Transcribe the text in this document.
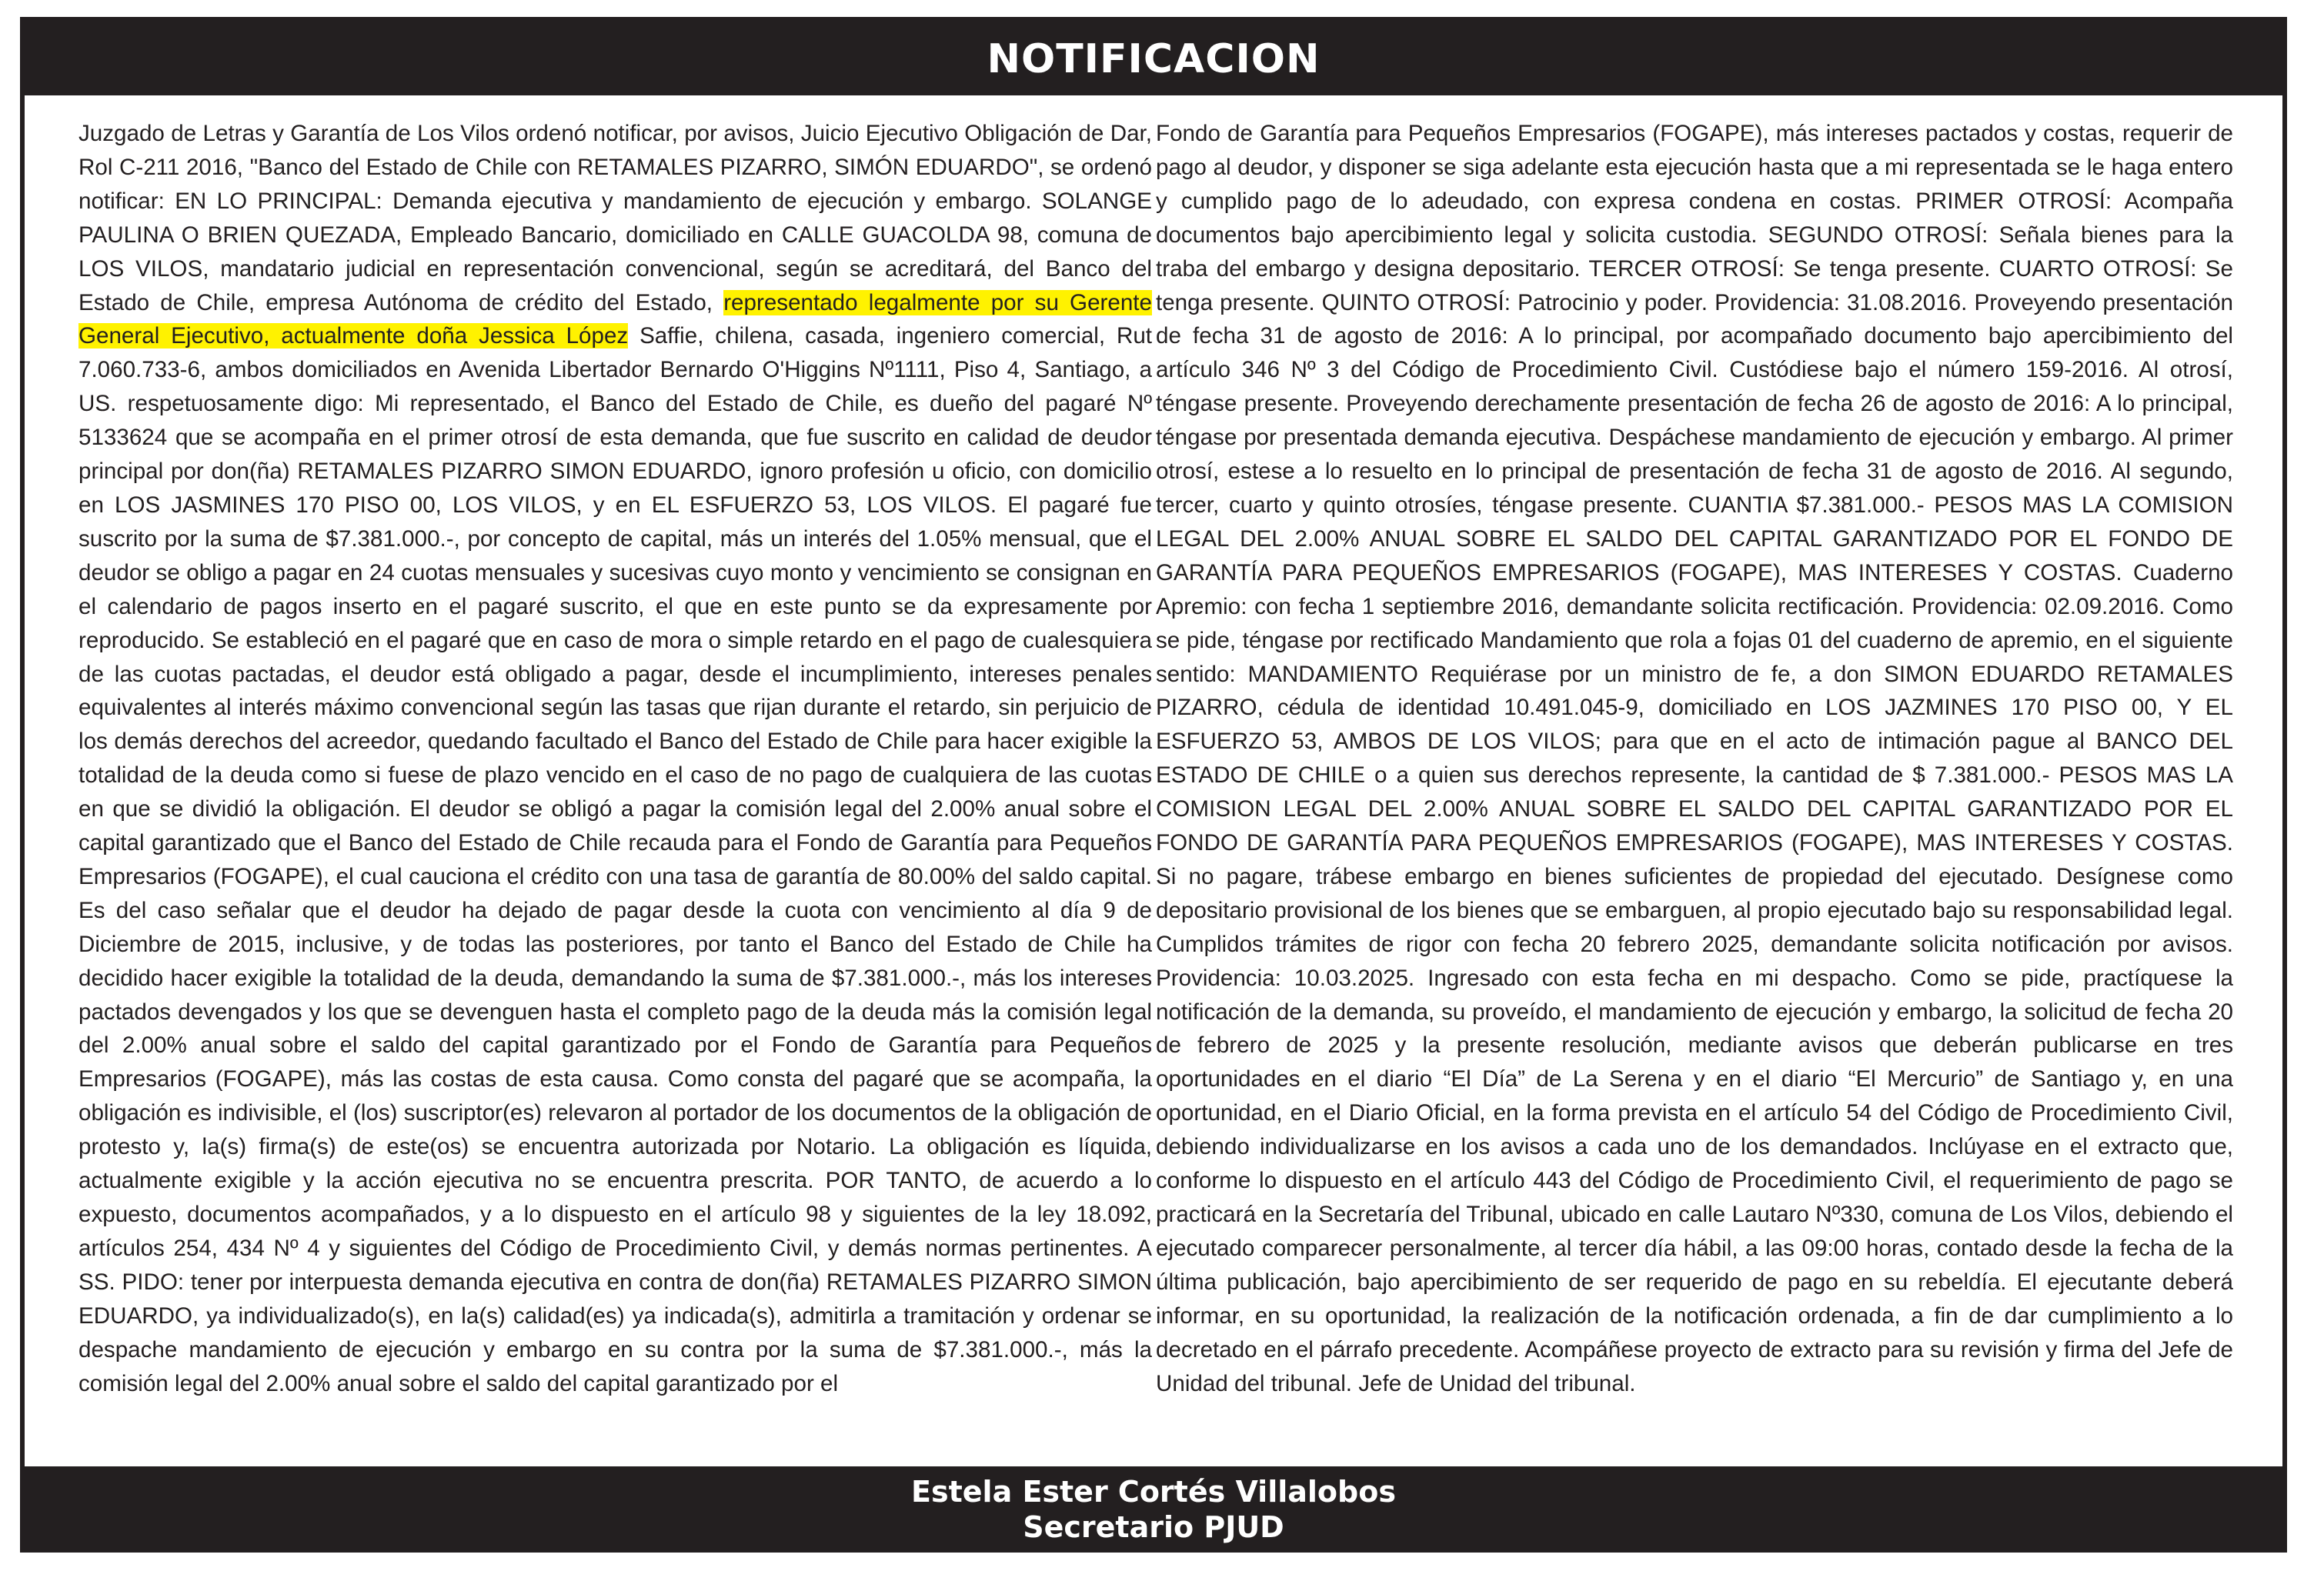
NOTIFICACION
Juzgado de Letras y Garantía de Los Vilos ordenó notificar, por avisos, Juicio Ejecutivo Obligación de Dar, Rol C-211 2016, "Banco del Estado de Chile con RETAMALES PIZARRO, SIMÓN EDUARDO", se ordenó notificar: EN LO PRINCIPAL: Demanda ejecutiva y mandamiento de ejecución y embargo. SOLANGE PAULINA O BRIEN QUEZADA, Empleado Bancario, domiciliado en CALLE GUACOLDA 98, comuna de LOS VILOS, mandatario judicial en representación convencional, según se acreditará, del Banco del Estado de Chile, empresa Autónoma de crédito del Estado, representado legalmente por su Gerente General Ejecutivo, actualmente doña Jessica López Saffie, chilena, casada, ingeniero comercial, Rut 7.060.733-6, ambos domiciliados en Avenida Libertador Bernardo O'Higgins Nº1111, Piso 4, Santiago, a US. respetuosamente digo: Mi representado, el Banco del Estado de Chile, es dueño del pagaré Nº 5133624 que se acompaña en el primer otrosí de esta demanda, que fue suscrito en calidad de deudor principal por don(ña) RETAMALES PIZARRO SIMON EDUARDO, ignoro profesión u oficio, con domicilio en LOS JASMINES 170 PISO 00, LOS VILOS, y en EL ESFUERZO 53, LOS VILOS. El pagaré fue suscrito por la suma de $7.381.000.-, por concepto de capital, más un interés del 1.05% mensual, que el deudor se obligo a pagar en 24 cuotas mensuales y sucesivas cuyo monto y vencimiento se consignan en el calendario de pagos inserto en el pagaré suscrito, el que en este punto se da expresamente por reproducido. Se estableció en el pagaré que en caso de mora o simple retardo en el pago de cualesquiera de las cuotas pactadas, el deudor está obligado a pagar, desde el incumplimiento, intereses penales equivalentes al interés máximo convencional según las tasas que rijan durante el retardo, sin perjuicio de los demás derechos del acreedor, quedando facultado el Banco del Estado de Chile para hacer exigible la totalidad de la deuda como si fuese de plazo vencido en el caso de no pago de cualquiera de las cuotas en que se dividió la obligación. El deudor se obligó a pagar la comisión legal del 2.00% anual sobre el capital garantizado que el Banco del Estado de Chile recauda para el Fondo de Garantía para Pequeños Empresarios (FOGAPE), el cual cauciona el crédito con una tasa de garantía de 80.00% del saldo capital. Es del caso señalar que el deudor ha dejado de pagar desde la cuota con vencimiento al día 9 de Diciembre de 2015, inclusive, y de todas las posteriores, por tanto el Banco del Estado de Chile ha decidido hacer exigible la totalidad de la deuda, demandando la suma de $7.381.000.-, más los intereses pactados devengados y los que se devenguen hasta el completo pago de la deuda más la comisión legal del 2.00% anual sobre el saldo del capital garantizado por el Fondo de Garantía para Pequeños Empresarios (FOGAPE), más las costas de esta causa. Como consta del pagaré que se acompaña, la obligación es indivisible, el (los) suscriptor(es) relevaron al portador de los documentos de la obligación de protesto y, la(s) firma(s) de este(os) se encuentra autorizada por Notario. La obligación es líquida, actualmente exigible y la acción ejecutiva no se encuentra prescrita. POR TANTO, de acuerdo a lo expuesto, documentos acompañados, y a lo dispuesto en el artículo 98 y siguientes de la ley 18.092, artículos 254, 434 Nº 4 y siguientes del Código de Procedimiento Civil, y demás normas pertinentes. A SS. PIDO: tener por interpuesta demanda ejecutiva en contra de don(ña) RETAMALES PIZARRO SIMON EDUARDO, ya individualizado(s), en la(s) calidad(es) ya indicada(s), admitirla a tramitación y ordenar se despache mandamiento de ejecución y embargo en su contra por la suma de $7.381.000.-, más la comisión legal del 2.00% anual sobre el saldo del capital garantizado por el
Fondo de Garantía para Pequeños Empresarios (FOGAPE), más intereses pactados y costas, requerir de pago al deudor, y disponer se siga adelante esta ejecución hasta que a mi representada se le haga entero y cumplido pago de lo adeudado, con expresa condena en costas. PRIMER OTROSÍ: Acompaña documentos bajo apercibimiento legal y solicita custodia. SEGUNDO OTROSÍ: Señala bienes para la traba del embargo y designa depositario. TERCER OTROSÍ: Se tenga presente. CUARTO OTROSÍ: Se tenga presente. QUINTO OTROSÍ: Patrocinio y poder. Providencia: 31.08.2016. Proveyendo presentación de fecha 31 de agosto de 2016: A lo principal, por acompañado documento bajo apercibimiento del artículo 346 Nº 3 del Código de Procedimiento Civil. Custódiese bajo el número 159-2016. Al otrosí, téngase presente. Proveyendo derechamente presentación de fecha 26 de agosto de 2016: A lo principal, téngase por presentada demanda ejecutiva. Despáchese mandamiento de ejecución y embargo. Al primer otrosí, estese a lo resuelto en lo principal de presentación de fecha 31 de agosto de 2016. Al segundo, tercer, cuarto y quinto otrosíes, téngase presente. CUANTIA $7.381.000.- PESOS MAS LA COMISION LEGAL DEL 2.00% ANUAL SOBRE EL SALDO DEL CAPITAL GARANTIZADO POR EL FONDO DE GARANTÍA PARA PEQUEÑOS EMPRESARIOS (FOGAPE), MAS INTERESES Y COSTAS. Cuaderno Apremio: con fecha 1 septiembre 2016, demandante solicita rectificación. Providencia: 02.09.2016. Como se pide, téngase por rectificado Mandamiento que rola a fojas 01 del cuaderno de apremio, en el siguiente sentido: MANDAMIENTO Requiérase por un ministro de fe, a don SIMON EDUARDO RETAMALES PIZARRO, cédula de identidad 10.491.045-9, domiciliado en LOS JAZMINES 170 PISO 00, Y EL ESFUERZO 53, AMBOS DE LOS VILOS; para que en el acto de intimación pague al BANCO DEL ESTADO DE CHILE o a quien sus derechos represente, la cantidad de $ 7.381.000.- PESOS MAS LA COMISION LEGAL DEL 2.00% ANUAL SOBRE EL SALDO DEL CAPITAL GARANTIZADO POR EL FONDO DE GARANTÍA PARA PEQUEÑOS EMPRESARIOS (FOGAPE), MAS INTERESES Y COSTAS. Si no pagare, trábese embargo en bienes suficientes de propiedad del ejecutado. Desígnese como depositario provisional de los bienes que se embarguen, al propio ejecutado bajo su responsabilidad legal. Cumplidos trámites de rigor con fecha 20 febrero 2025, demandante solicita notificación por avisos. Providencia: 10.03.2025. Ingresado con esta fecha en mi despacho. Como se pide, practíquese la notificación de la demanda, su proveído, el mandamiento de ejecución y embargo, la solicitud de fecha 20 de febrero de 2025 y la presente resolución, mediante avisos que deberán publicarse en tres oportunidades en el diario “El Día” de La Serena y en el diario “El Mercurio” de Santiago y, en una oportunidad, en el Diario Oficial, en la forma prevista en el artículo 54 del Código de Procedimiento Civil, debiendo individualizarse en los avisos a cada uno de los demandados. Inclúyase en el extracto que, conforme lo dispuesto en el artículo 443 del Código de Procedimiento Civil, el requerimiento de pago se practicará en la Secretaría del Tribunal, ubicado en calle Lautaro Nº330, comuna de Los Vilos, debiendo el ejecutado comparecer personalmente, al tercer día hábil, a las 09:00 horas, contado desde la fecha de la última publicación, bajo apercibimiento de ser requerido de pago en su rebeldía. El ejecutante deberá informar, en su oportunidad, la realización de la notificación ordenada, a fin de dar cumplimiento a lo decretado en el párrafo precedente. Acompáñese proyecto de extracto para su revisión y firma del Jefe de Unidad del tribunal. Jefe de Unidad del tribunal.
Estela Ester Cortés Villalobos
Secretario PJUD
